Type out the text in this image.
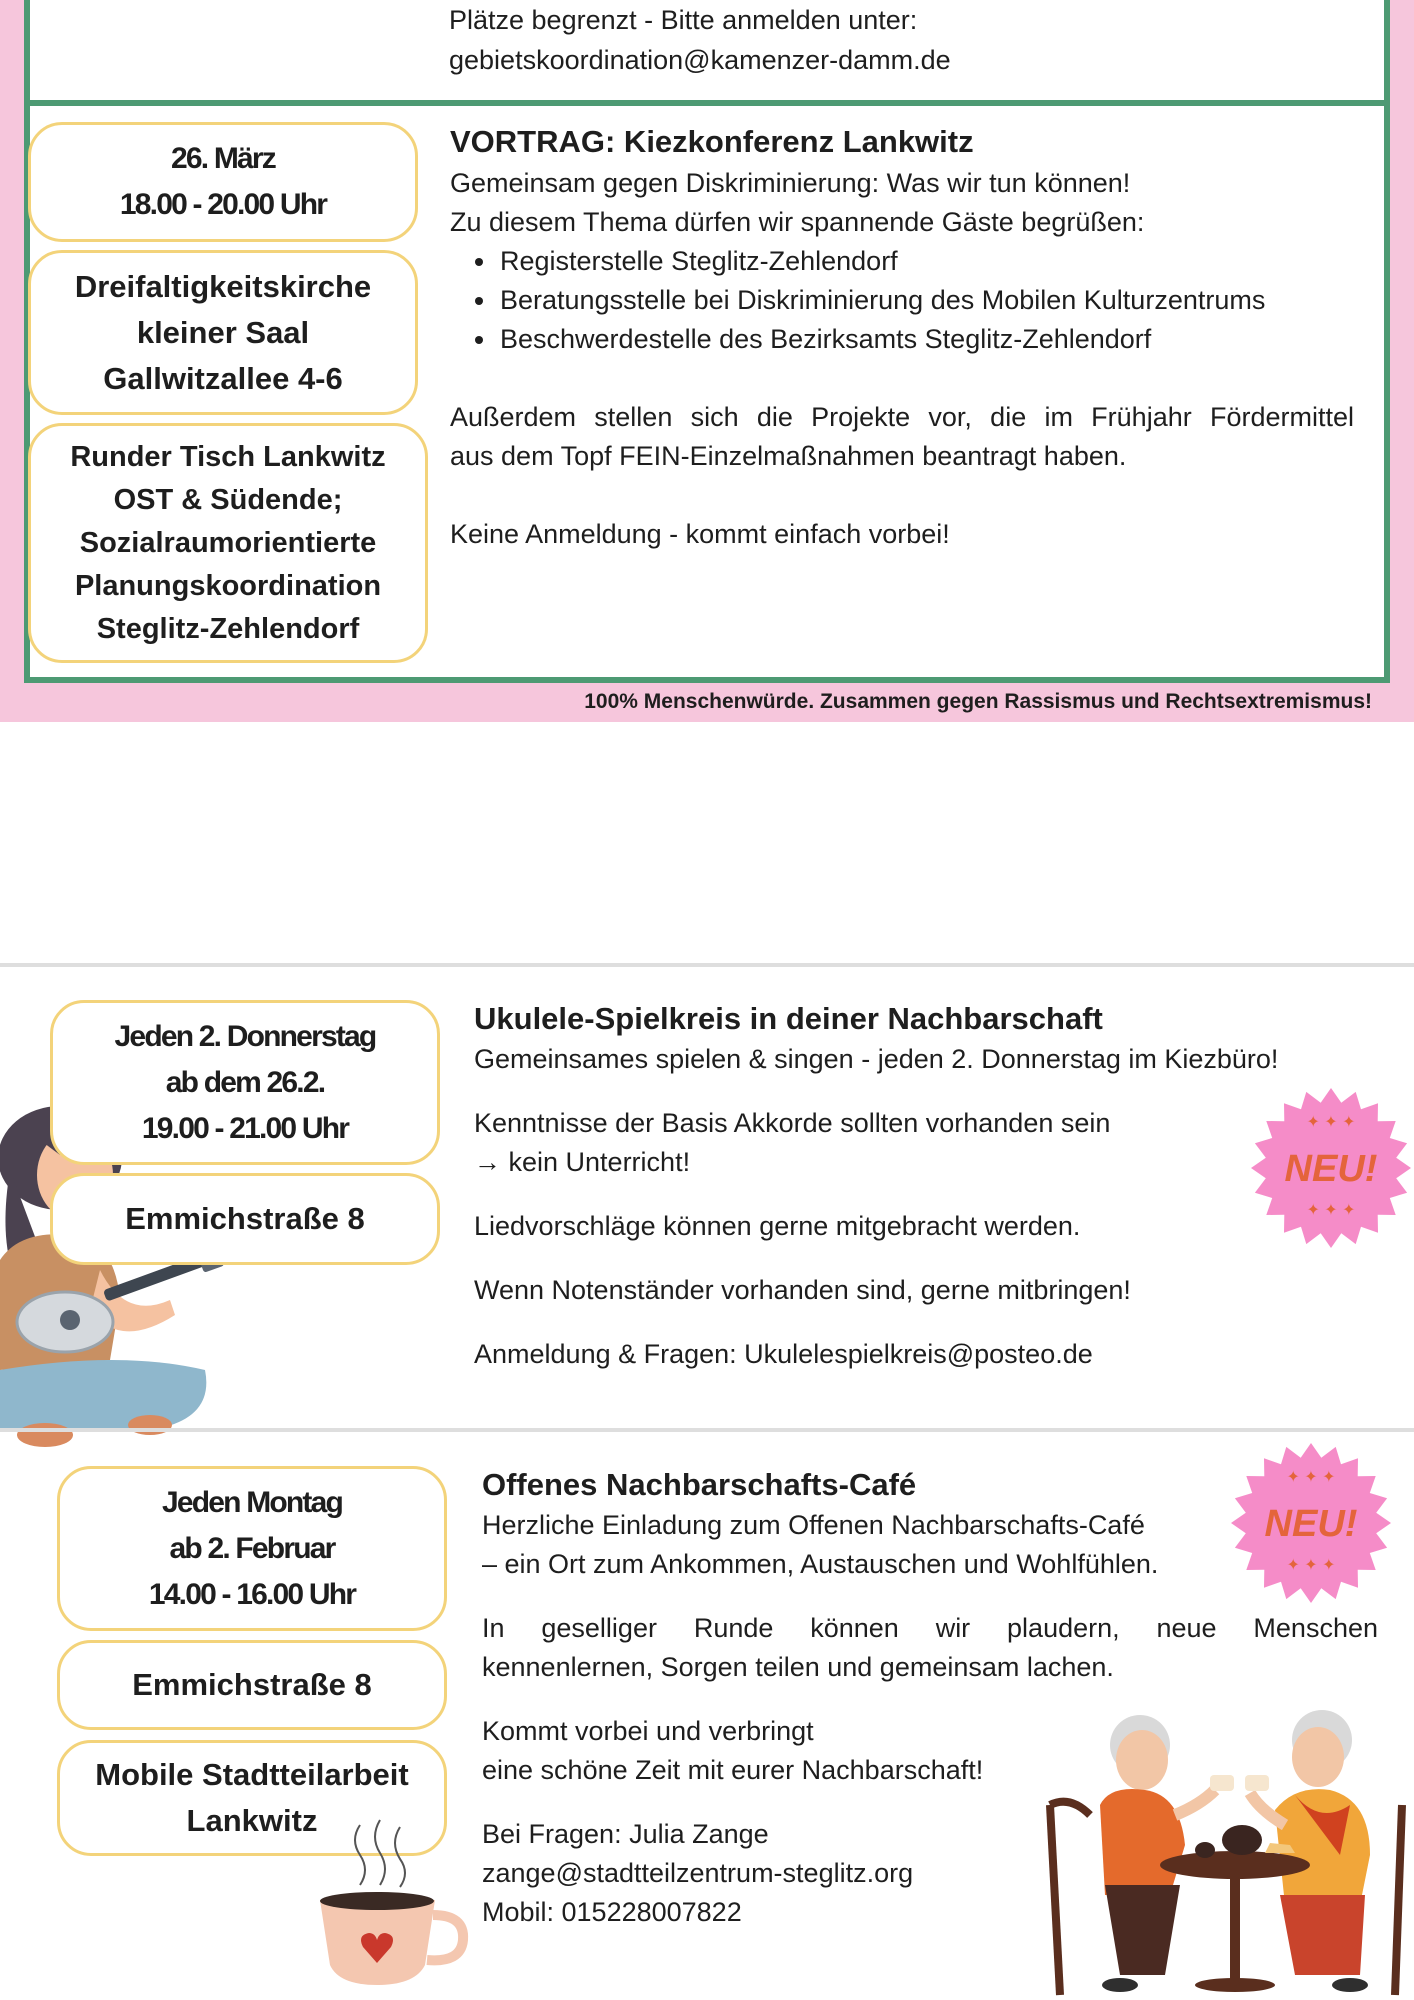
Plätze begrenzt - Bitte anmelden unter:
gebietskoordination@kamenzer-damm.de
26. März
18.00 - 20.00 Uhr
Dreifaltigkeitskirche
kleiner Saal
Gallwitzallee 4-6
Runder Tisch Lankwitz
OST & Südende;
Sozialraumorientierte
Planungskoordination
Steglitz-Zehlendorf
VORTRAG: Kiezkonferenz Lankwitz
Gemeinsam gegen Diskriminierung: Was wir tun können!
Zu diesem Thema dürfen wir spannende Gäste begrüßen:
• Registerstelle Steglitz-Zehlendorf
• Beratungsstelle bei Diskriminierung des Mobilen Kulturzentrums
• Beschwerdestelle des Bezirksamts Steglitz-Zehlendorf
Außerdem stellen sich die Projekte vor, die im Frühjahr Fördermittel
aus dem Topf FEIN-Einzelmaßnahmen beantragt haben.
Keine Anmeldung - kommt einfach vorbei!
100% Menschenwürde. Zusammen gegen Rassismus und Rechtsextremismus!
Jeden 2. Donnerstag
ab dem 26.2.
19.00 - 21.00 Uhr
Emmichstraße 8
Ukulele-Spielkreis in deiner Nachbarschaft
Gemeinsames spielen & singen - jeden 2. Donnerstag im Kiezbüro!
Kenntnisse der Basis Akkorde sollten vorhanden sein
→ kein Unterricht!
Liedvorschläge können gerne mitgebracht werden.
Wenn Notenständer vorhanden sind, gerne mitbringen!
Anmeldung & Fragen: Ukulelespielkreis@posteo.de
NEU!
✦ ✦ ✦
✦ ✦ ✦
Jeden Montag
ab 2. Februar
14.00 - 16.00 Uhr
Emmichstraße 8
Mobile Stadtteilarbeit
Lankwitz
Offenes Nachbarschafts-Café
Herzliche Einladung zum Offenen Nachbarschafts-Café
– ein Ort zum Ankommen, Austauschen und Wohlfühlen.
In geselliger Runde können wir plaudern, neue Menschen
kennenlernen, Sorgen teilen und gemeinsam lachen.
Kommt vorbei und verbringt
eine schöne Zeit mit eurer Nachbarschaft!
Bei Fragen: Julia Zange
zange@stadtteilzentrum-steglitz.org
Mobil: 015228007822
NEU!
✦ ✦ ✦
✦ ✦ ✦
